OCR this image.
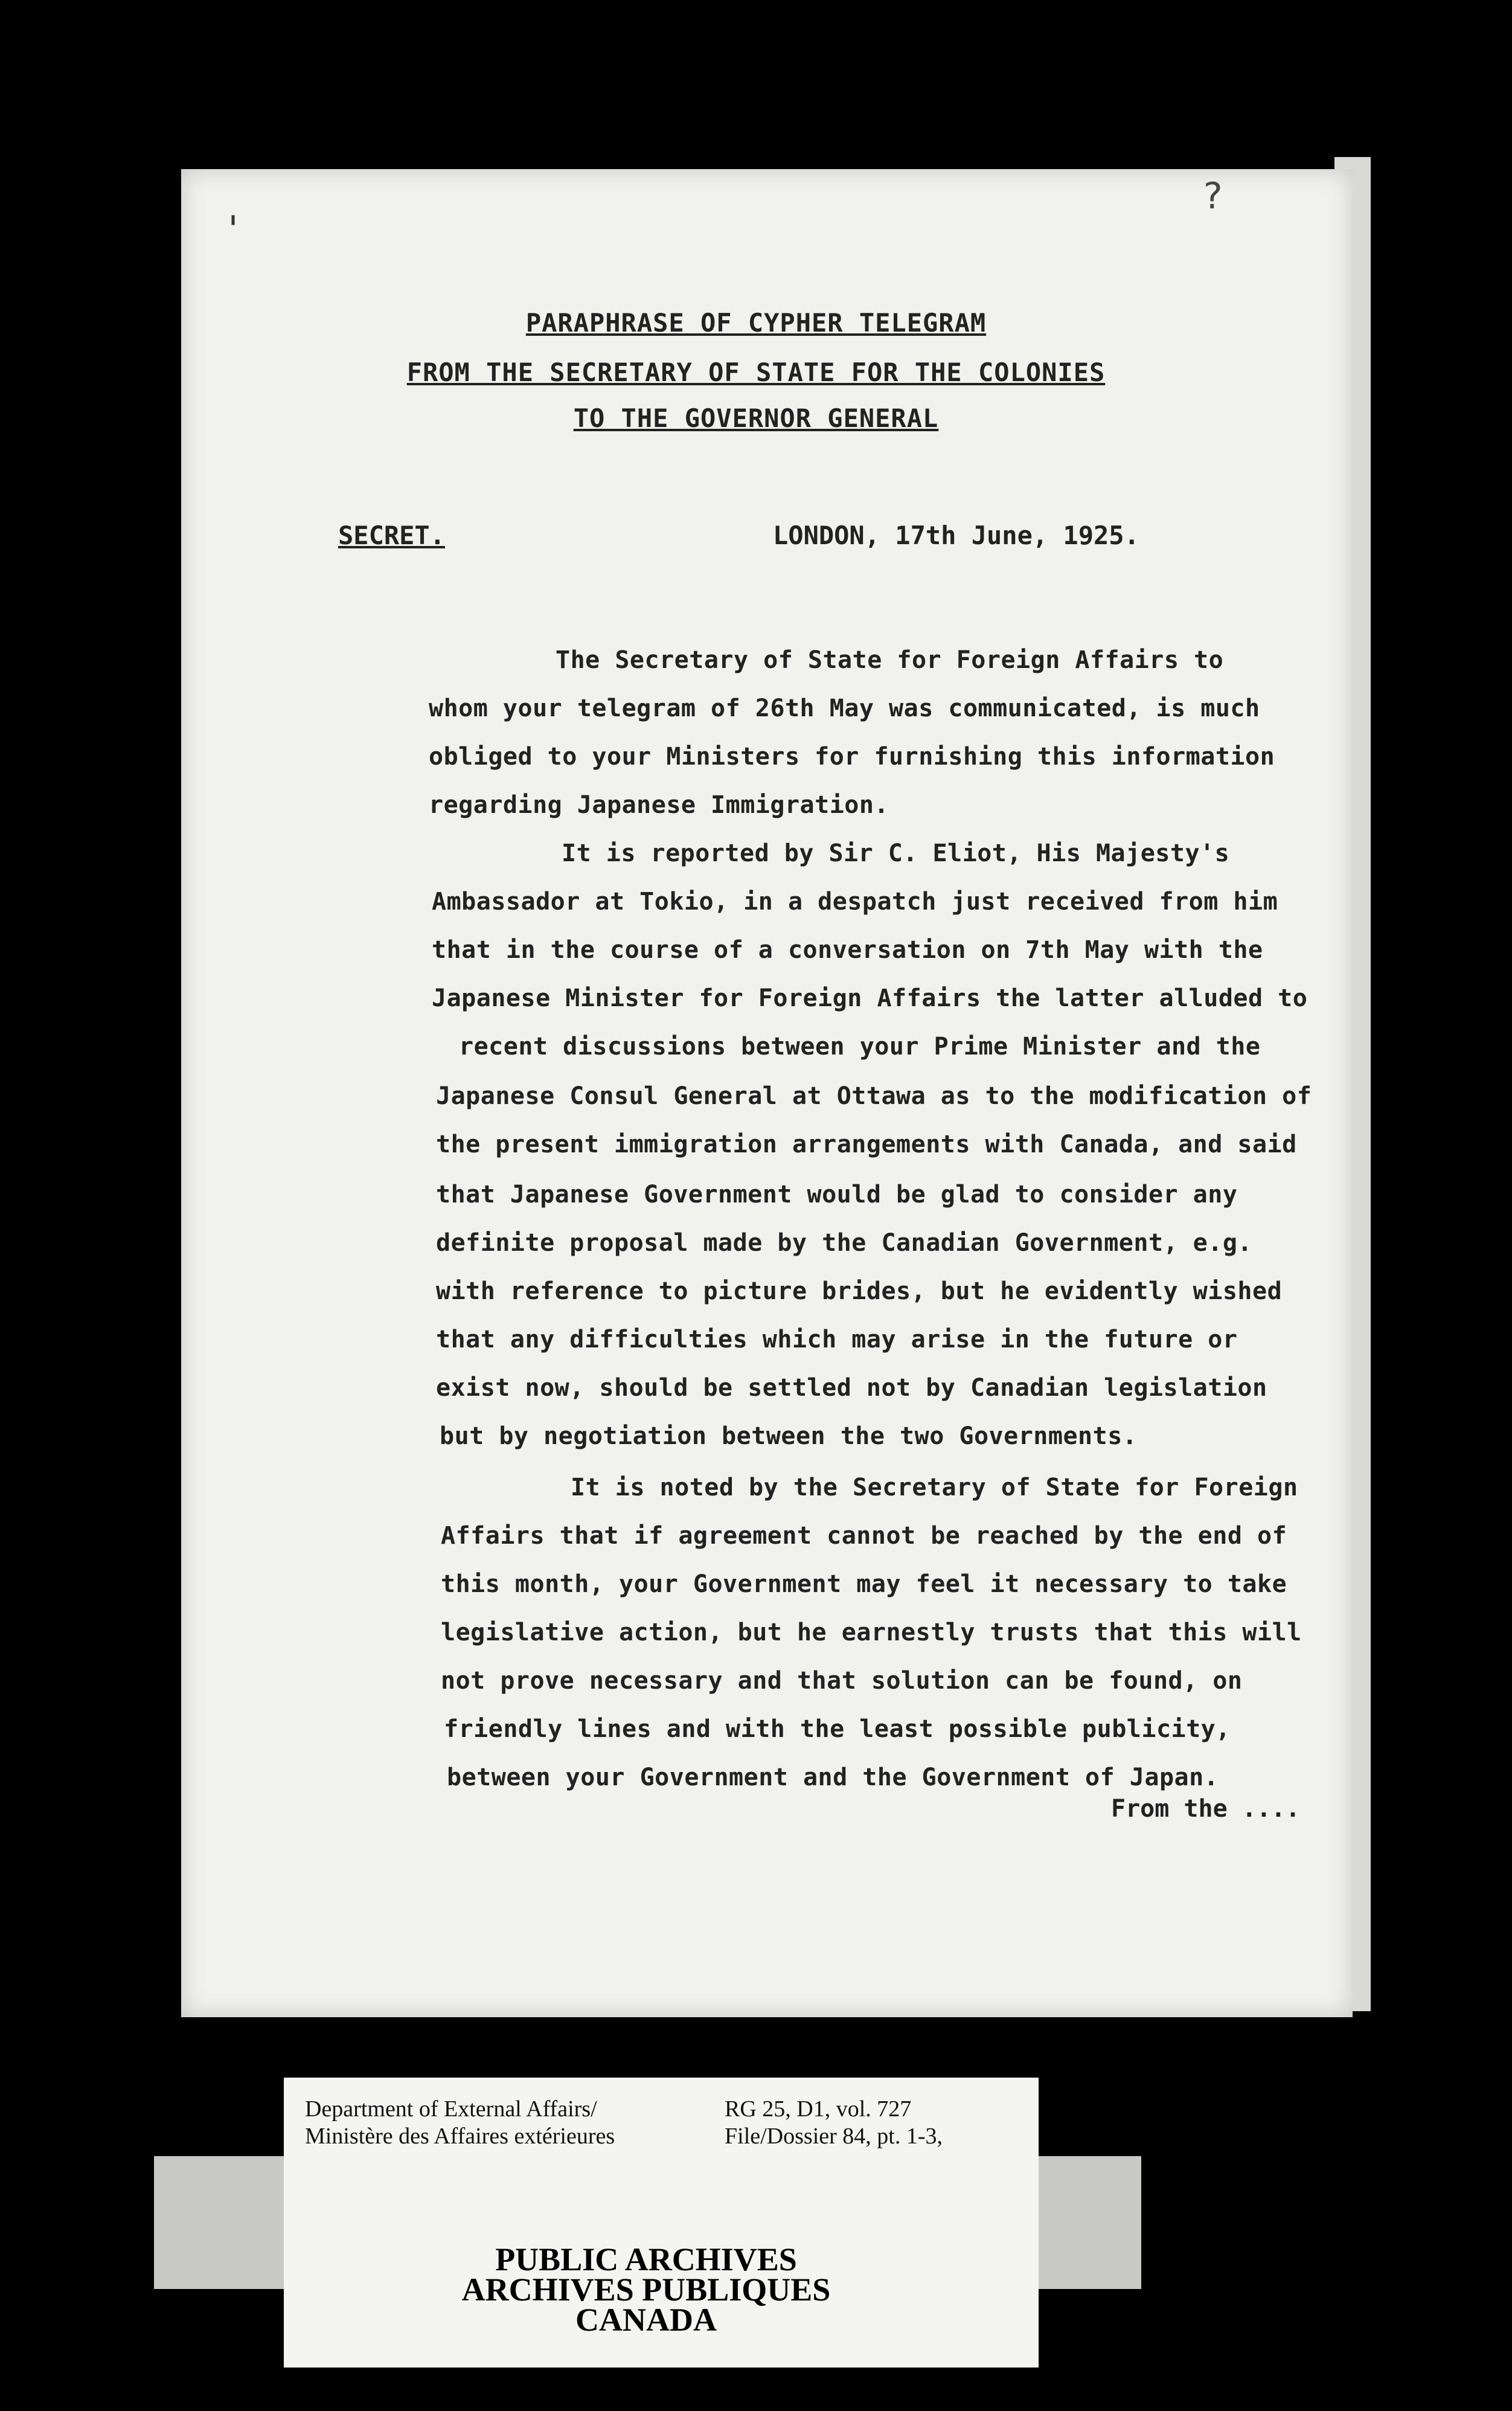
?
'
PARAPHRASE OF CYPHER TELEGRAM
FROM THE SECRETARY OF STATE FOR THE COLONIES
TO THE GOVERNOR GENERAL
SECRET.	LONDON, 17th June, 1925.
The Secretary of State for Foreign Affairs to
whom your telegram of 26th May was communicated, is much
obliged to your Ministers for furnishing this information
regarding Japanese Immigration.
It is reported by Sir C. Eliot, His Majesty's
Ambassador at Tokio, in a despatch just received from him
that in the course of a conversation on 7th May with the
Japanese Minister for Foreign Affairs the latter alluded to
recent discussions between your Prime Minister and the
Japanese Consul General at Ottawa as to the modification of
the present immigration arrangements with Canada, and said
that Japanese Government would be glad to consider any
definite proposal made by the Canadian Government, e.g.
with reference to picture brides, but he evidently wished
that any difficulties which may arise in the future or
exist now, should be settled not by Canadian legislation
but by negotiation between the two Governments.
It is noted by the Secretary of State for Foreign
Affairs that if agreement cannot be reached by the end of
this month, your Government may feel it necessary to take
legislative action, but he earnestly trusts that this will
not prove necessary and that solution can be found, on
friendly lines and with the least possible publicity,
between your Government and the Government of Japan.
From the ....
Department of External Affairs/
Ministère des Affaires extérieures
RG 25, D1, vol. 727
File/Dossier 84, pt. 1-3,
PUBLIC ARCHIVES
ARCHIVES PUBLIQUES
CANADA
